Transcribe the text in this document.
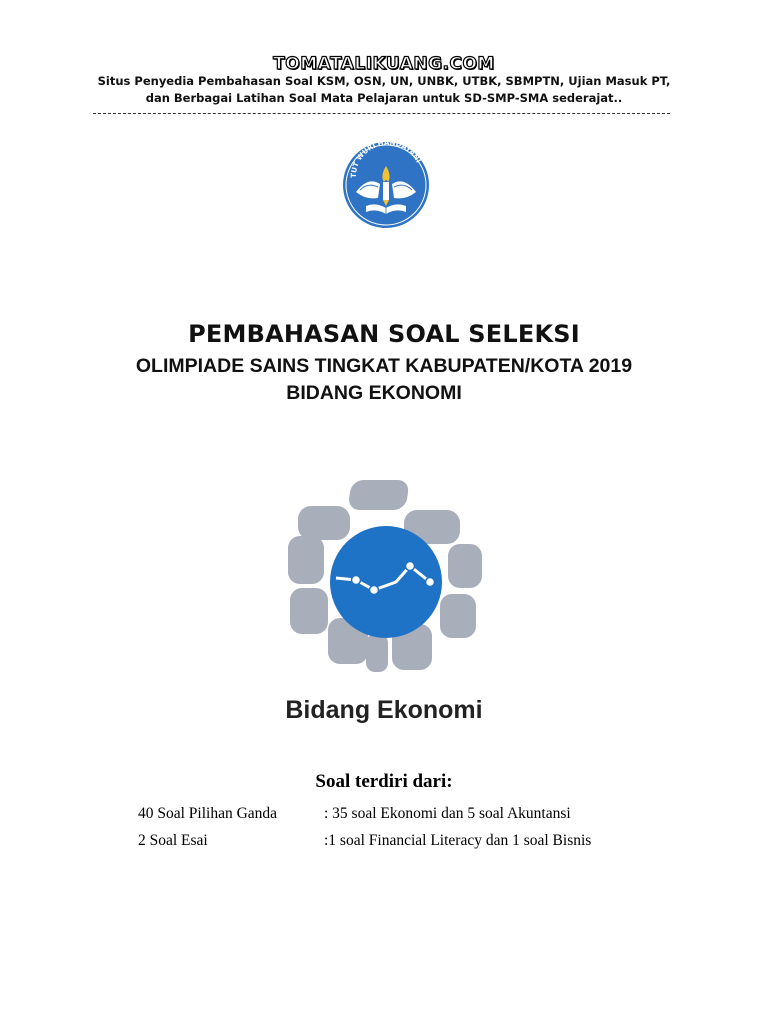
TOMATALIKUANG.COM
Situs Penyedia Pembahasan Soal KSM, OSN, UN, UNBK, UTBK, SBMPTN, Ujian Masuk PT,
dan Berbagai Latihan Soal Mata Pelajaran untuk SD-SMP-SMA sederajat..
TUT WURI HANDAYANI
PEMBAHASAN SOAL SELEKSI
OLIMPIADE SAINS TINGKAT KABUPATEN/KOTA 2019
BIDANG EKONOMI
Bidang Ekonomi
Soal terdiri dari:
40 Soal Pilihan Ganda	: 35 soal Ekonomi dan 5 soal Akuntansi
2 Soal Esai	:1 soal Financial Literacy dan 1 soal Bisnis
